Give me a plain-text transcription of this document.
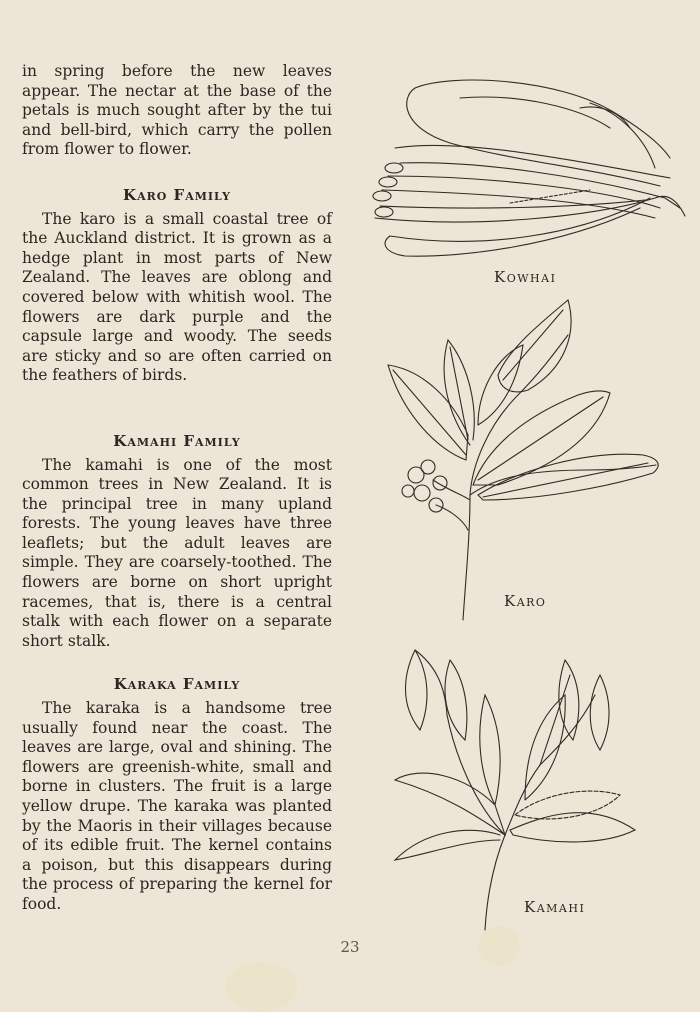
in spring before the new leaves appear. The nectar at the base of the petals is much sought after by the tui and bell-bird, which carry the pollen from flower to flower.

Karo Family

The karo is a small coastal tree of the Auckland district. It is grown as a hedge plant in most parts of New Zealand. The leaves are oblong and covered below with whitish wool. The flowers are dark purple and the capsule large and woody. The seeds are sticky and so are often carried on the feathers of birds.

Kamahi Family

The kamahi is one of the most common trees in New Zealand. It is the principal tree in many upland forests. The young leaves have three leaflets; but the adult leaves are simple. They are coarsely-toothed. The flowers are borne on short upright racemes, that is, there is a central stalk with each flower on a separate short stalk.

Karaka Family

The karaka is a handsome tree usually found near the coast. The leaves are large, oval and shining. The flowers are greenish-white, small and borne in clusters. The fruit is a large yellow drupe. The karaka was planted by the Maoris in their villages because of its edible fruit. The kernel contains a poison, but this disappears during the process of preparing the kernel for food.

Kowhai
Karo
Kamahi
23
